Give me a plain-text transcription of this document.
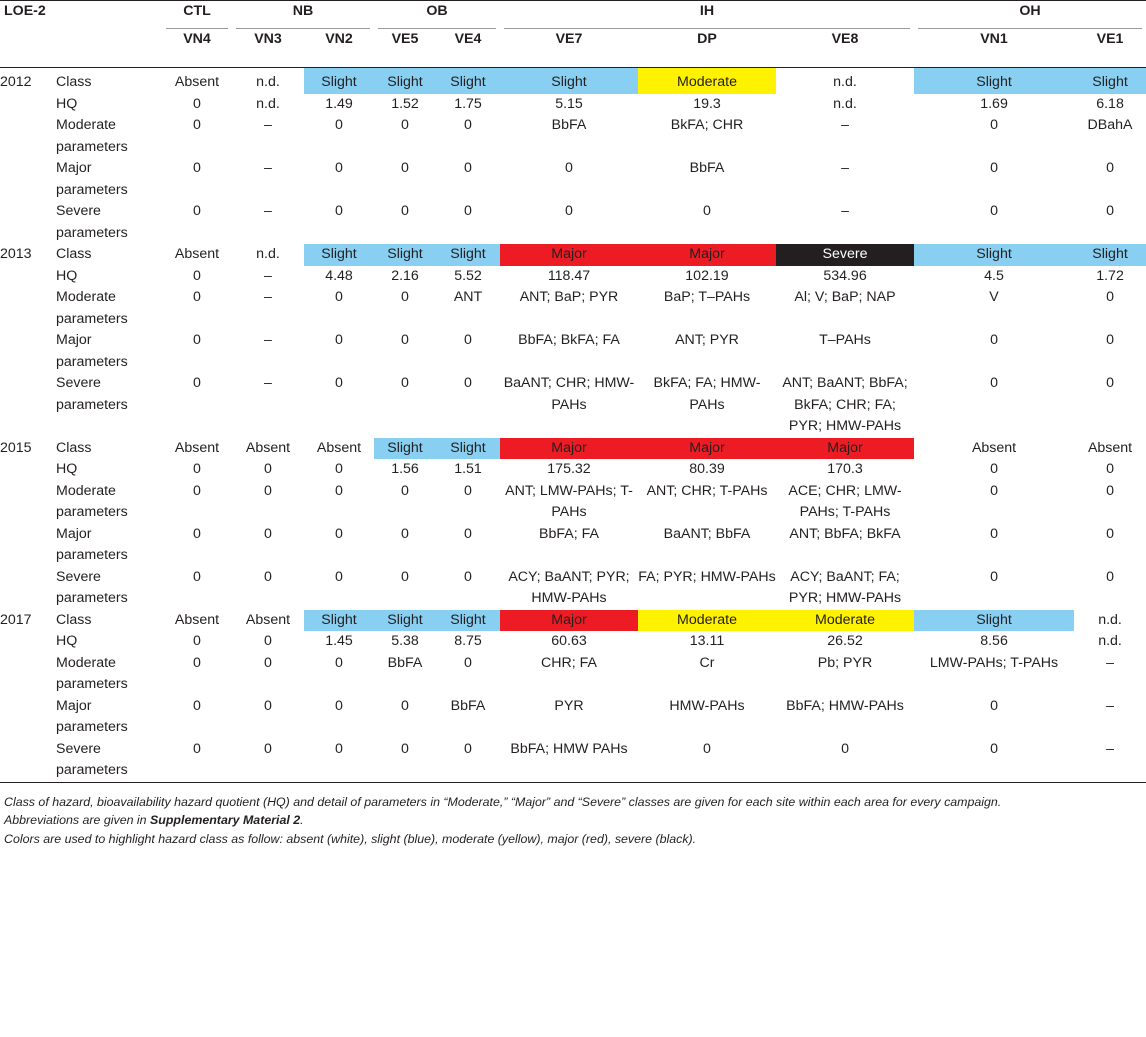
LOE-2		CTL	NB		OB		IH			OH	
		VN4	VN3	VN2	VE5	VE4	VE7	DP	VE8	VN1	VE1

2012	Class	Absent	n.d.	Slight	Slight	Slight	Slight	Moderate	n.d.	Slight	Slight
	HQ	0	n.d.	1.49	1.52	1.75	5.15	19.3	n.d.	1.69	6.18
	Moderate parameters	0	–	0	0	0	BbFA	BkFA; CHR	–	0	DBahA
	Major parameters	0	–	0	0	0	0	BbFA	–	0	0
	Severe parameters	0	–	0	0	0	0	0	–	0	0
2013	Class	Absent	n.d.	Slight	Slight	Slight	Major	Major	Severe	Slight	Slight
	HQ	0	–	4.48	2.16	5.52	118.47	102.19	534.96	4.5	1.72
	Moderate parameters	0	–	0	0	ANT	ANT; BaP; PYR	BaP; T–PAHs	Al; V; BaP; NAP	V	0
	Major parameters	0	–	0	0	0	BbFA; BkFA; FA	ANT; PYR	T–PAHs	0	0
	Severe parameters	0	–	0	0	0	BaANT; CHR; HMW-PAHs	BkFA; FA; HMW-PAHs	ANT; BaANT; BbFA; BkFA; CHR; FA; PYR; HMW-PAHs	0	0
2015	Class	Absent	Absent	Absent	Slight	Slight	Major	Major	Major	Absent	Absent
	HQ	0	0	0	1.56	1.51	175.32	80.39	170.3	0	0
	Moderate parameters	0	0	0	0	0	ANT; LMW-PAHs; T-PAHs	ANT; CHR; T-PAHs	ACE; CHR; LMW-PAHs; T-PAHs	0	0
	Major parameters	0	0	0	0	0	BbFA; FA	BaANT; BbFA	ANT; BbFA; BkFA	0	0
	Severe parameters	0	0	0	0	0	ACY; BaANT; PYR; HMW-PAHs	FA; PYR; HMW-PAHs	ACY; BaANT; FA; PYR; HMW-PAHs	0	0
2017	Class	Absent	Absent	Slight	Slight	Slight	Major	Moderate	Moderate	Slight	n.d.
	HQ	0	0	1.45	5.38	8.75	60.63	13.11	26.52	8.56	n.d.
	Moderate parameters	0	0	0	BbFA	0	CHR; FA	Cr	Pb; PYR	LMW-PAHs; T-PAHs	–
	Major parameters	0	0	0	0	BbFA	PYR	HMW-PAHs	BbFA; HMW-PAHs	0	–
	Severe parameters	0	0	0	0	0	BbFA; HMW PAHs	0	0	0	–
Class of hazard, bioavailability hazard quotient (HQ) and detail of parameters in “Moderate,” “Major” and “Severe” classes are given for each site within each area for every campaign.
Abbreviations are given in Supplementary Material 2.
Colors are used to highlight hazard class as follow: absent (white), slight (blue), moderate (yellow), major (red), severe (black).
